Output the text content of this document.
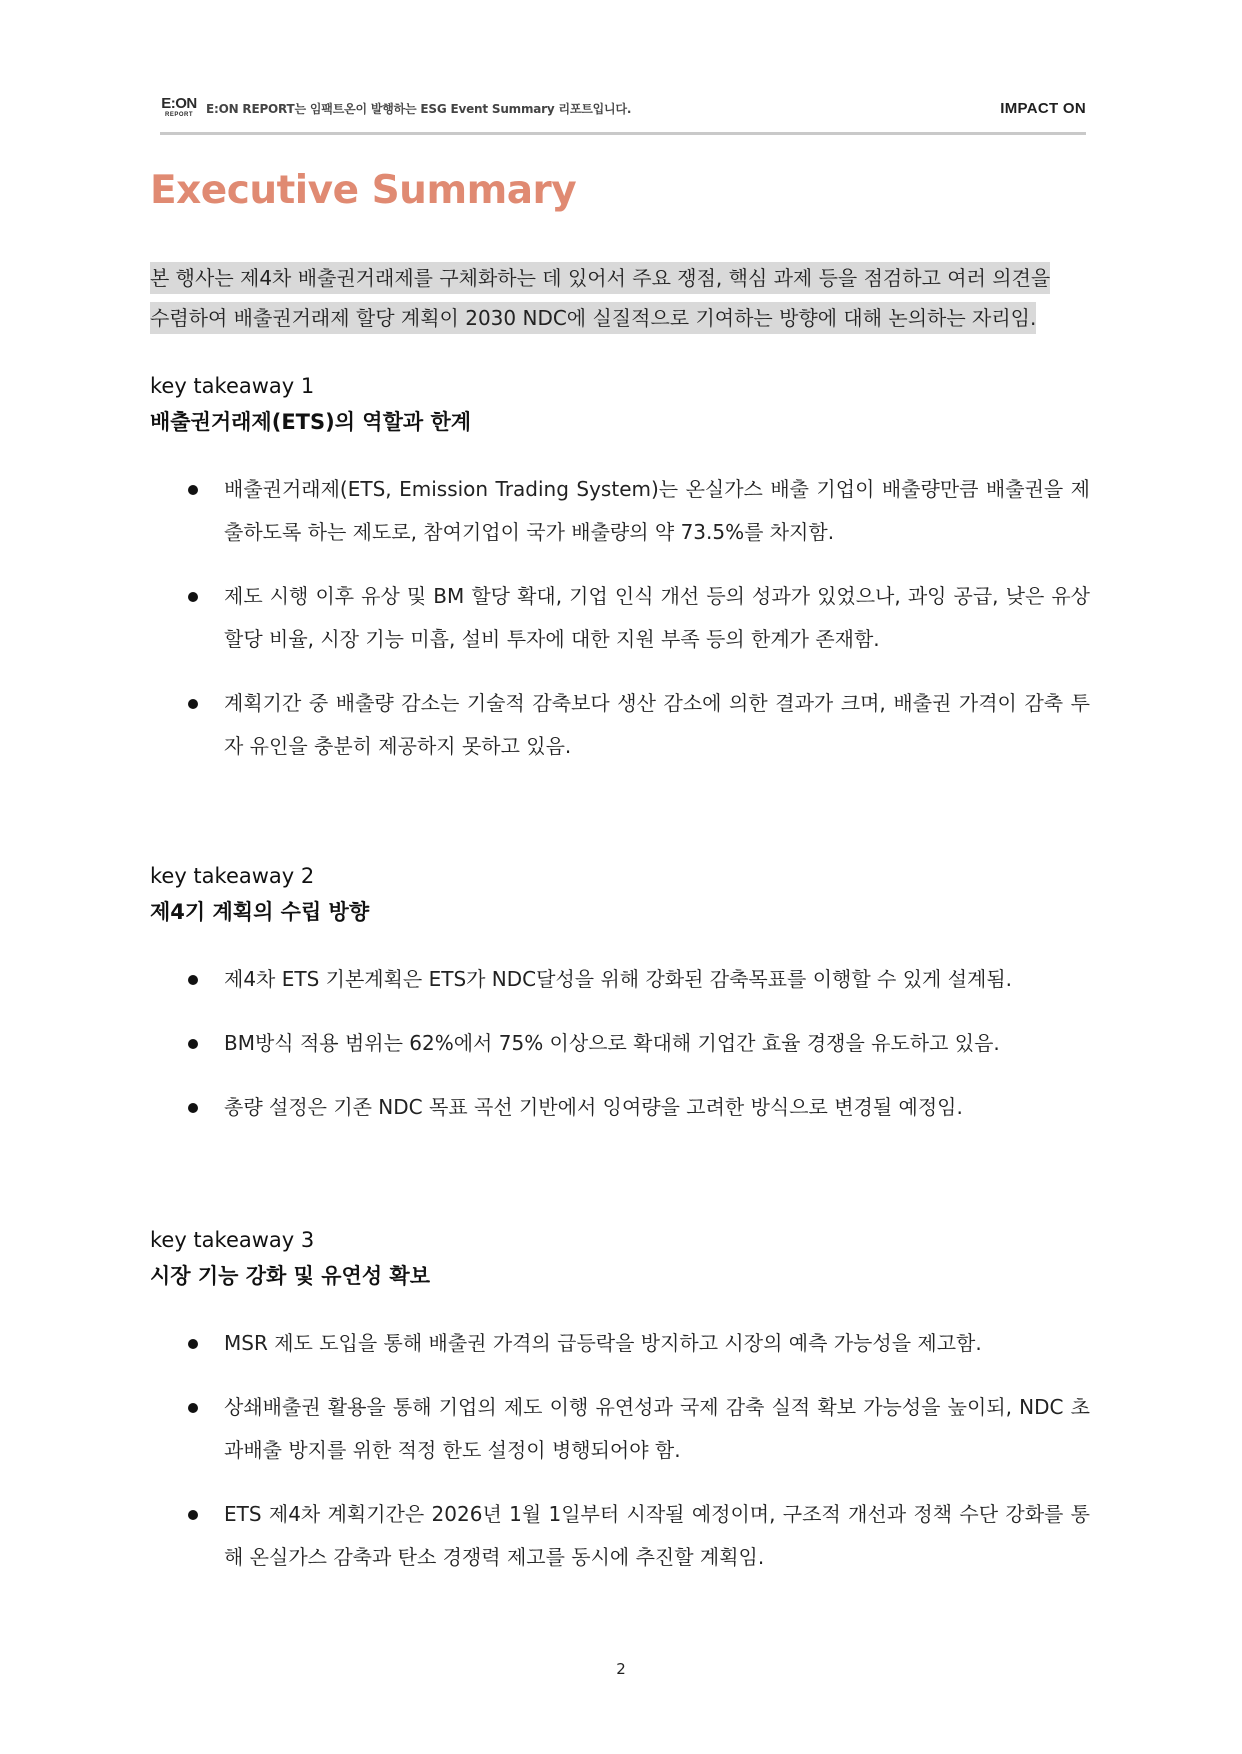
E:ON
REPORT	E:ON REPORT는 임팩트온이 발행하는 ESG Event Summary 리포트입니다.	IMPACT ON
Executive Summary
본 행사는 제4차 배출권거래제를 구체화하는 데 있어서 주요 쟁점, 핵심 과제 등을 점검하고 여러 의견을
수렴하여 배출권거래제 할당 계획이 2030 NDC에 실질적으로 기여하는 방향에 대해 논의하는 자리임.
key takeaway 1
배출권거래제(ETS)의 역할과 한계
배출권거래제(ETS, Emission Trading System)는 온실가스 배출 기업이 배출량만큼 배출권을 제출하도록 하는 제도로, 참여기업이 국가 배출량의 약 73.5%를 차지함.
제도 시행 이후 유상 및 BM 할당 확대, 기업 인식 개선 등의 성과가 있었으나, 과잉 공급, 낮은 유상할당 비율, 시장 기능 미흡, 설비 투자에 대한 지원 부족 등의 한계가 존재함.
계획기간 중 배출량 감소는 기술적 감축보다 생산 감소에 의한 결과가 크며, 배출권 가격이 감축 투자 유인을 충분히 제공하지 못하고 있음.
key takeaway 2
제4기 계획의 수립 방향
제4차 ETS 기본계획은 ETS가 NDC달성을 위해 강화된 감축목표를 이행할 수 있게 설계됨.
BM방식 적용 범위는 62%에서 75% 이상으로 확대해 기업간 효율 경쟁을 유도하고 있음.
총량 설정은 기존 NDC 목표 곡선 기반에서 잉여량을 고려한 방식으로 변경될 예정임.
key takeaway 3
시장 기능 강화 및 유연성 확보
MSR 제도 도입을 통해 배출권 가격의 급등락을 방지하고 시장의 예측 가능성을 제고함.
상쇄배출권 활용을 통해 기업의 제도 이행 유연성과 국제 감축 실적 확보 가능성을 높이되, NDC 초과배출 방지를 위한 적정 한도 설정이 병행되어야 함.
ETS 제4차 계획기간은 2026년 1월 1일부터 시작될 예정이며, 구조적 개선과 정책 수단 강화를 통해 온실가스 감축과 탄소 경쟁력 제고를 동시에 추진할 계획임.
2
